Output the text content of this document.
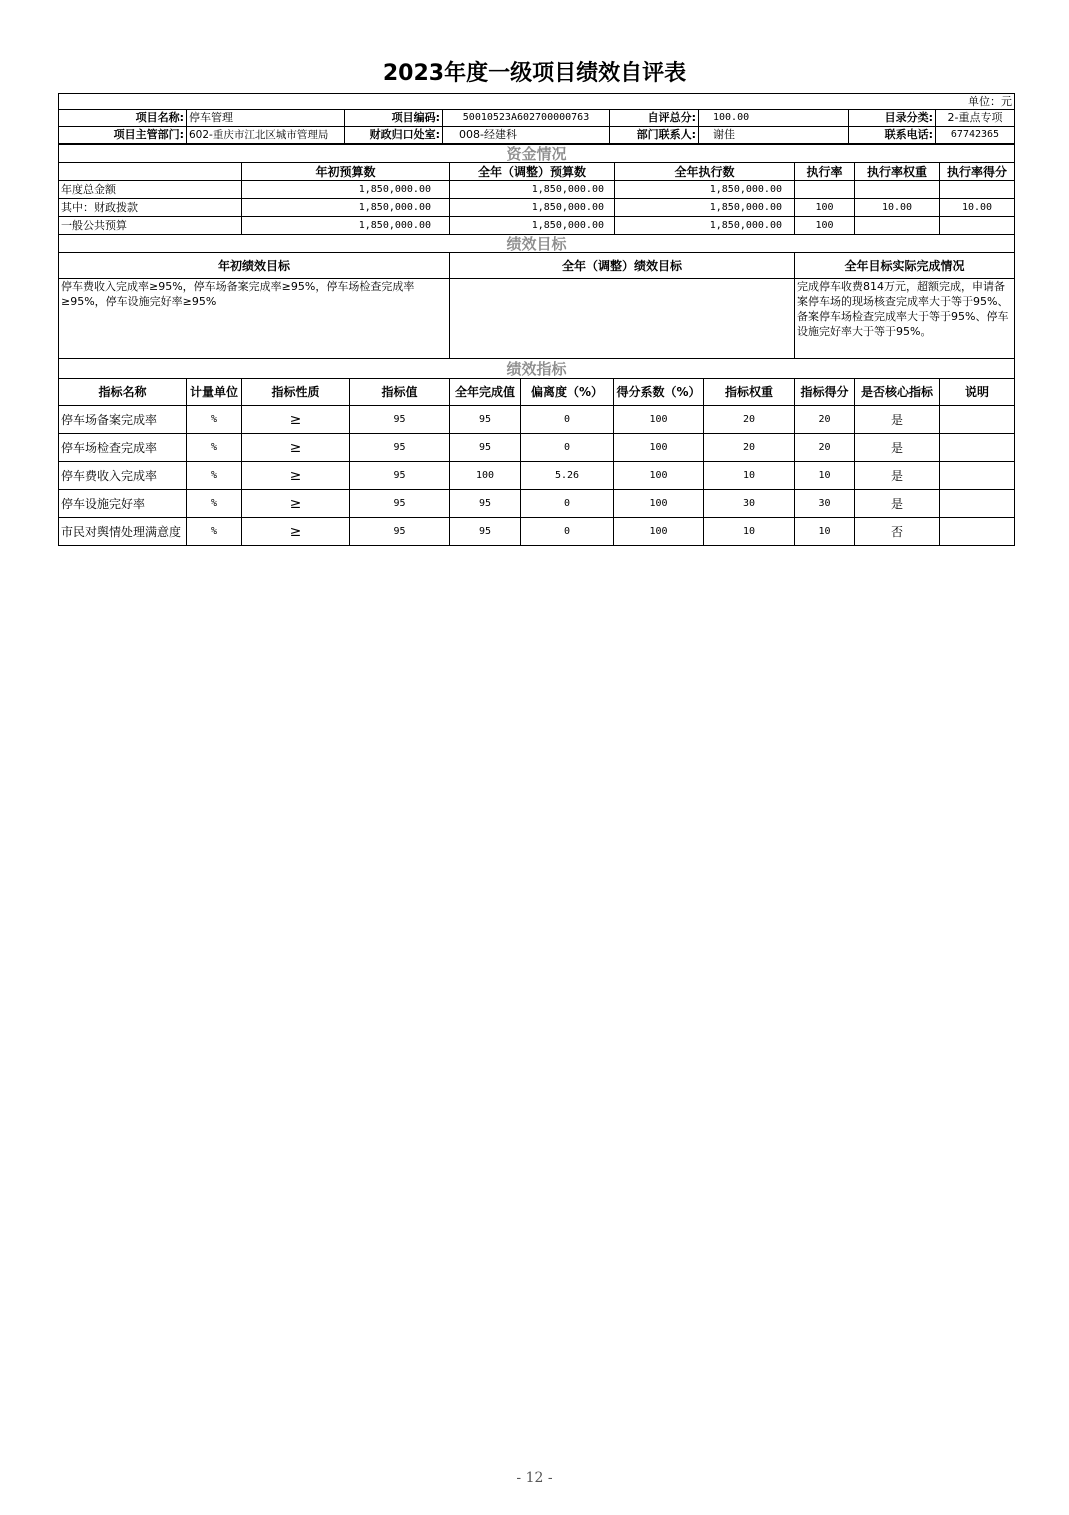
2023年度一级项目绩效自评表
单位：元							
项目名称:	停车管理	项目编码:	50010523A602700000763	自评总分:	100.00	目录分类:	2-重点专项
项目主管部门:	602-重庆市江北区城市管理局	财政归口处室:	008-经建科	部门联系人:	谢佳	联系电话:	67742365
资金情况						
	年初预算数	全年（调整）预算数	全年执行数	执行率	执行率权重	执行率得分
年度总金额	1,850,000.00	1,850,000.00	1,850,000.00			
其中：财政拨款	1,850,000.00	1,850,000.00	1,850,000.00	100	10.00	10.00
一般公共预算	1,850,000.00	1,850,000.00	1,850,000.00	100		
绩效目标		
年初绩效目标	全年（调整）绩效目标	全年目标实际完成情况
停车费收入完成率≥95%，停车场备案完成率≥95%，停车场检查完成率≥95%，停车设施完好率≥95%		完成停车收费814万元，超额完成，申请备案停车场的现场核查完成率大于等于95%、备案停车场检查完成率大于等于95%、停车设施完好率大于等于95%。
绩效指标										
指标名称	计量单位	指标性质	指标值	全年完成值	偏离度（%）	得分系数（%）	指标权重	指标得分	是否核心指标	说明
停车场备案完成率	%	≥	95	95	0	100	20	20	是	
停车场检查完成率	%	≥	95	95	0	100	20	20	是	
停车费收入完成率	%	≥	95	100	5.26	100	10	10	是	
停车设施完好率	%	≥	95	95	0	100	30	30	是	
市民对舆情处理满意度	%	≥	95	95	0	100	10	10	否	
- 12 -
